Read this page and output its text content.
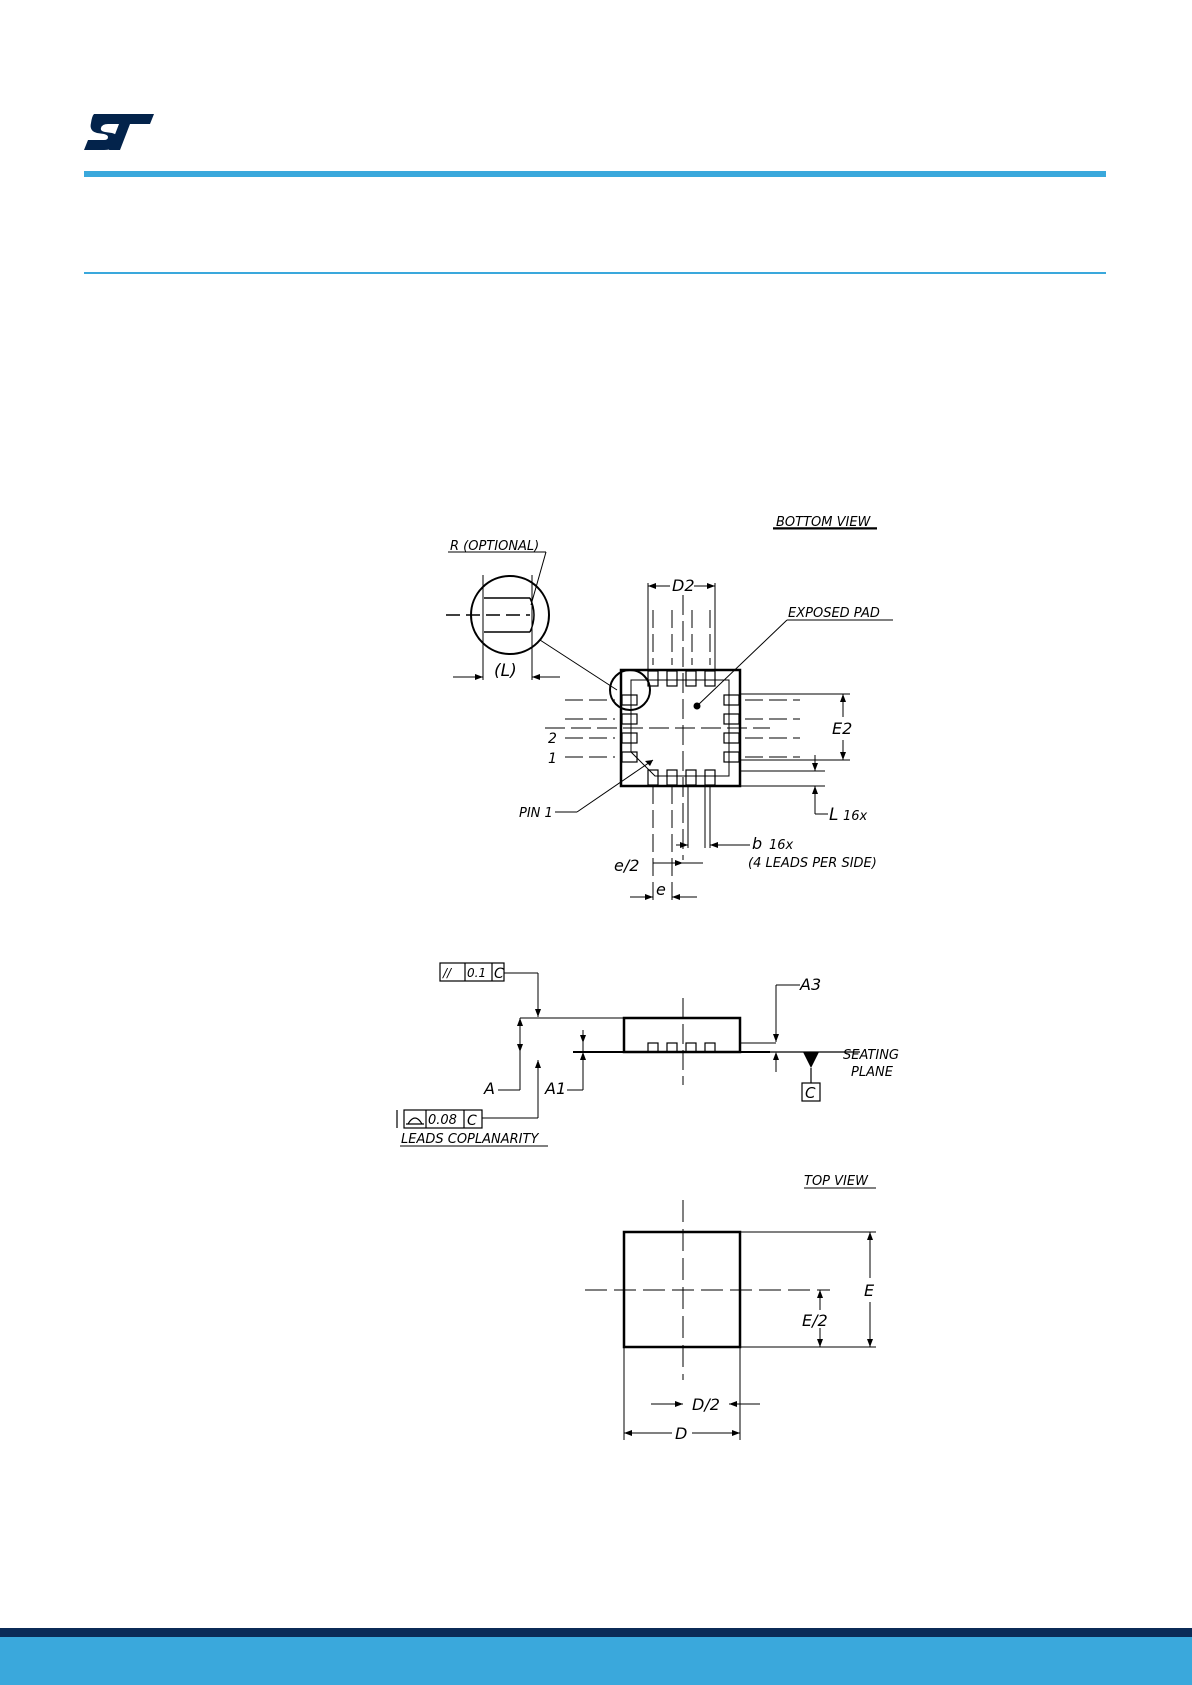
BOTTOM VIEW
R (OPTIONAL)
(L)
D2
EXPOSED PAD
E2
2
1
PIN 1	L 16x
b 16x
(4 LEADS PER SIDE)
e/2
e
// 0.1 C
A	A1
A3
SEATING
PLANE
C
0.08 C
LEADS COPLANARITY
TOP VIEW
E
E/2
D/2
D
